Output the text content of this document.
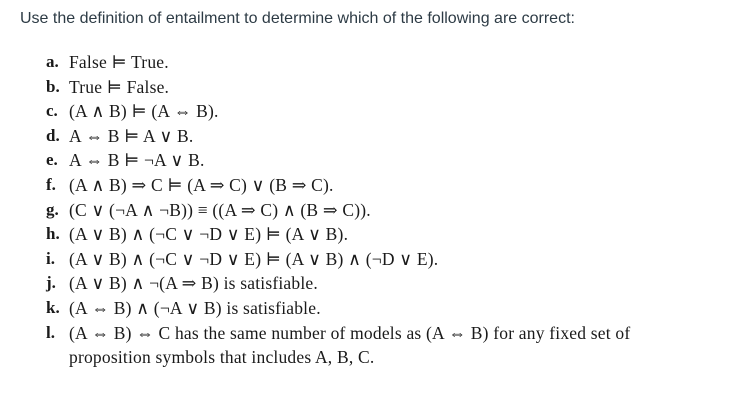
Use the definition of entailment to determine which of the following are correct:
a. False ⊨ True.
b. True ⊨ False.
c. (A ∧ B) ⊨ (A ⇔ B).
d. A ⇔ B ⊨ A ∨ B.
e. A ⇔ B ⊨ ¬A ∨ B.
f. (A ∧ B) ⇒ C ⊨ (A ⇒ C) ∨ (B ⇒ C).
g. (C ∨ (¬A ∧ ¬B)) ≡ ((A ⇒ C) ∧ (B ⇒ C)).
h. (A ∨ B) ∧ (¬C ∨ ¬D ∨ E) ⊨ (A ∨ B).
i. (A ∨ B) ∧ (¬C ∨ ¬D ∨ E) ⊨ (A ∨ B) ∧ (¬D ∨ E).
j. (A ∨ B) ∧ ¬(A ⇒ B) is satisfiable.
k. (A ⇔ B) ∧ (¬A ∨ B) is satisfiable.
l. (A ⇔ B) ⇔ C has the same number of models as (A ⇔ B) for any fixed set of proposition symbols that includes A, B, C.
